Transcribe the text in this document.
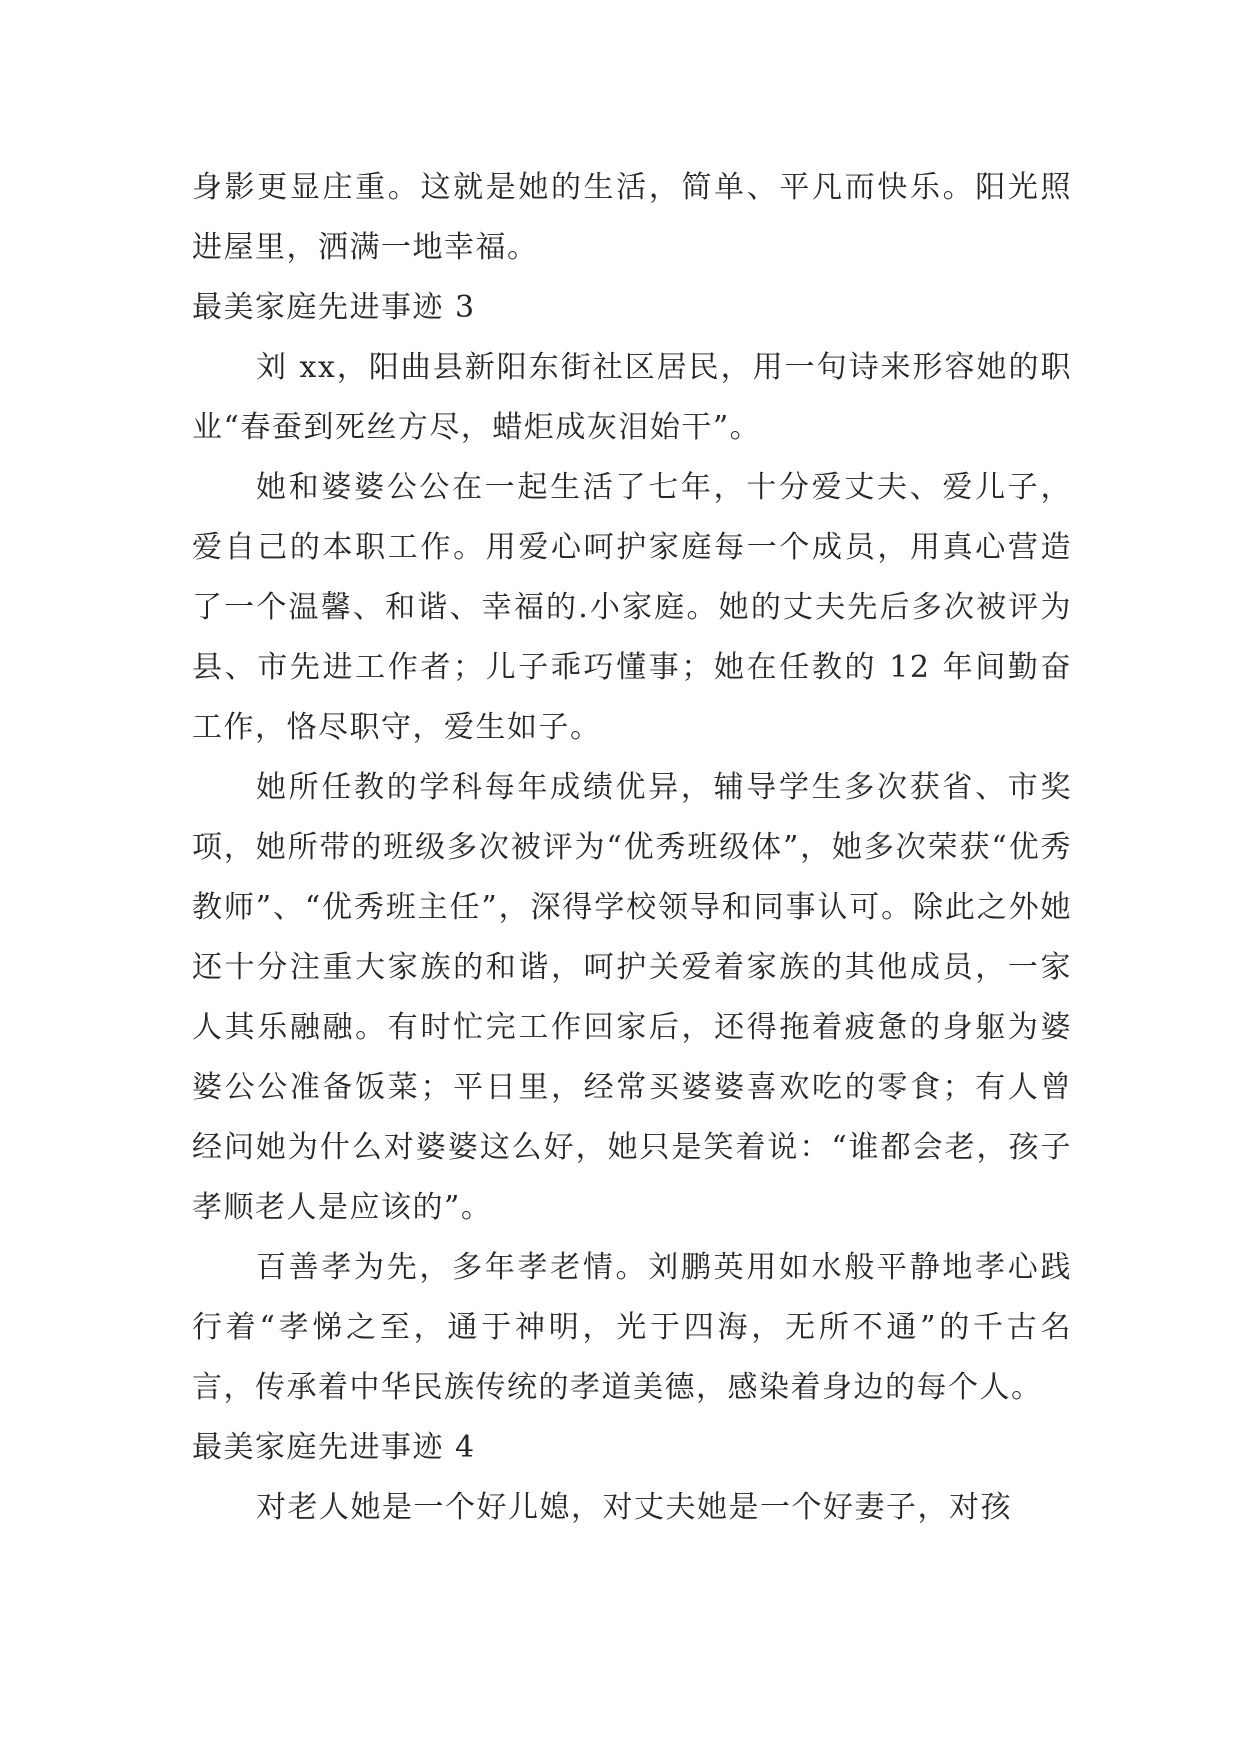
身影更显庄重。这就是她的生活，简单、平凡而快乐。阳光照进屋里，洒满一地幸福。

最美家庭先进事迹 3

刘 xx，阳曲县新阳东街社区居民，用一句诗来形容她的职业“春蚕到死丝方尽，蜡炬成灰泪始干”。

她和婆婆公公在一起生活了七年，十分爱丈夫、爱儿子，爱自己的本职工作。用爱心呵护家庭每一个成员，用真心营造了一个温馨、和谐、幸福的.小家庭。她的丈夫先后多次被评为县、市先进工作者；儿子乖巧懂事；她在任教的 12 年间勤奋工作，恪尽职守，爱生如子。

她所任教的学科每年成绩优异，辅导学生多次获省、市奖项，她所带的班级多次被评为“优秀班级体”，她多次荣获“优秀教师”、“优秀班主任”，深得学校领导和同事认可。除此之外她还十分注重大家族的和谐，呵护关爱着家族的其他成员，一家人其乐融融。有时忙完工作回家后，还得拖着疲惫的身躯为婆婆公公准备饭菜；平日里，经常买婆婆喜欢吃的零食；有人曾经问她为什么对婆婆这么好，她只是笑着说：“谁都会老，孩子孝顺老人是应该的”。

百善孝为先，多年孝老情。刘鹏英用如水般平静地孝心践行着“孝悌之至，通于神明，光于四海，无所不通”的千古名言，传承着中华民族传统的孝道美德，感染着身边的每个人。

最美家庭先进事迹 4

对老人她是一个好儿媳，对丈夫她是一个好妻子，对孩
